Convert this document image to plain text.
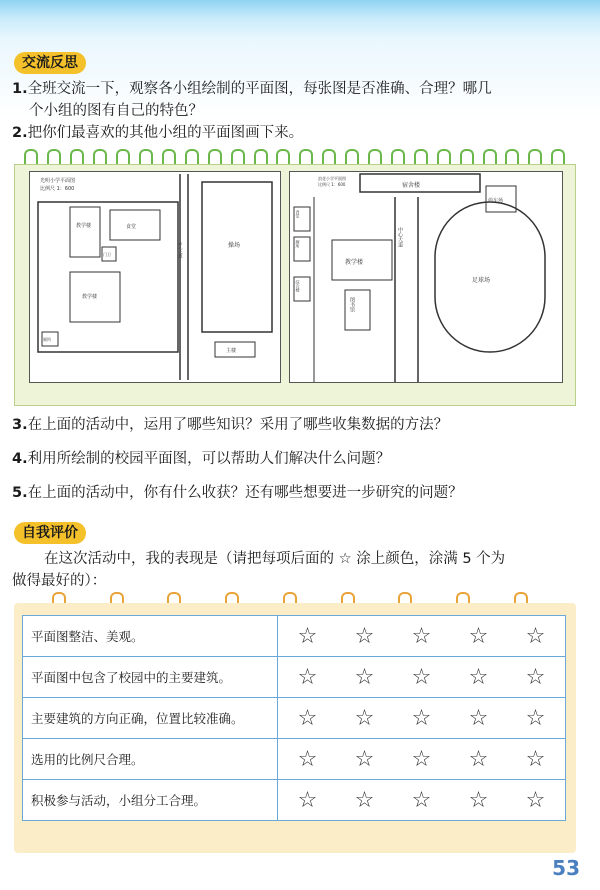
交流反思
1.全班交流一下，观察各小组绘制的平面图，每张图是否准确、合理？哪几
个小组的图有自己的特色？
2.把你们最喜欢的其他小组的平面图画下来。
光明小学平面图
比例尺 1：600
教学楼	食堂
门卫
教学楼
厕所
中心大道	操场
主楼
浪花小学平面图
比例尺 1：600	宿舍楼
停车场
食堂
厕所	中心大道
教学楼
图书馆
综合楼	足球场
3.在上面的活动中，运用了哪些知识？采用了哪些收集数据的方法？
4.利用所绘制的校园平面图，可以帮助人们解决什么问题？
5.在上面的活动中，你有什么收获？还有哪些想要进一步研究的问题？
自我评价
在这次活动中，我的表现是（请把每项后面的 ☆ 涂上颜色，涂满 5 个为
做得最好的）：
平面图整洁、美观。	☆ ☆ ☆ ☆ ☆

平面图中包含了校园中的主要建筑。	☆ ☆ ☆ ☆ ☆

主要建筑的方向正确，位置比较准确。	☆ ☆ ☆ ☆ ☆

选用的比例尺合理。	☆ ☆ ☆ ☆ ☆

积极参与活动，小组分工合理。	☆ ☆ ☆ ☆ ☆
53
